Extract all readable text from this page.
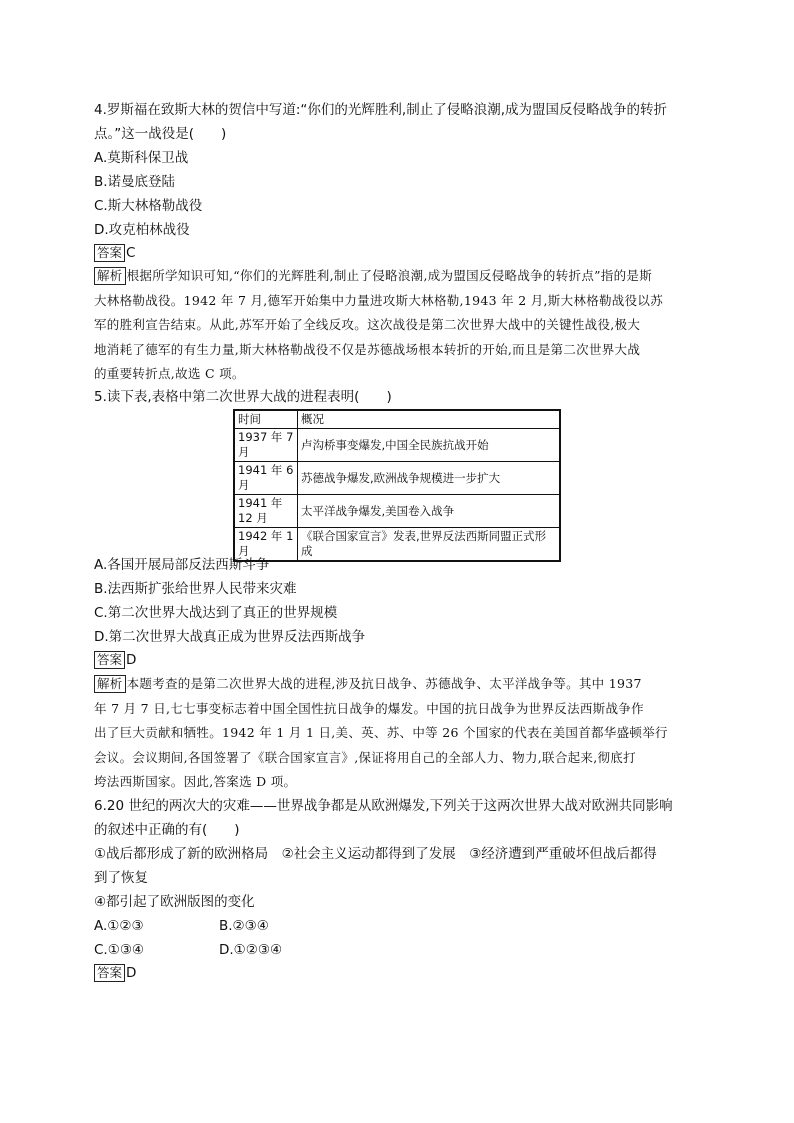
4.罗斯福在致斯大林的贺信中写道:“你们的光辉胜利,制止了侵略浪潮,成为盟国反侵略战争的转折
点。”这一战役是(　　)
A.莫斯科保卫战
B.诺曼底登陆
C.斯大林格勒战役
D.攻克柏林战役
答案 C
解析 根据所学知识可知,“你们的光辉胜利,制止了侵略浪潮,成为盟国反侵略战争的转折点”指的是斯
大林格勒战役。1942 年 7 月,德军开始集中力量进攻斯大林格勒,1943 年 2 月,斯大林格勒战役以苏
军的胜利宣告结束。从此,苏军开始了全线反攻。这次战役是第二次世界大战中的关键性战役,极大
地消耗了德军的有生力量,斯大林格勒战役不仅是苏德战场根本转折的开始,而且是第二次世界大战
的重要转折点,故选 C 项。
5.读下表,表格中第二次世界大战的进程表明(　　)
时间	概况
1937 年 7 月	卢沟桥事变爆发,中国全民族抗战开始
1941 年 6 月	苏德战争爆发,欧洲战争规模进一步扩大
1941 年 12 月	太平洋战争爆发,美国卷入战争
1942 年 1 月	《联合国家宣言》发表,世界反法西斯同盟正式形成
A.各国开展局部反法西斯斗争
B.法西斯扩张给世界人民带来灾难
C.第二次世界大战达到了真正的世界规模
D.第二次世界大战真正成为世界反法西斯战争
答案 D
解析 本题考查的是第二次世界大战的进程,涉及抗日战争、苏德战争、太平洋战争等。其中 1937
年 7 月 7 日,七七事变标志着中国全国性抗日战争的爆发。中国的抗日战争为世界反法西斯战争作
出了巨大贡献和牺牲。1942 年 1 月 1 日,美、英、苏、中等 26 个国家的代表在美国首都华盛顿举行
会议。会议期间,各国签署了《联合国家宣言》,保证将用自己的全部人力、物力,联合起来,彻底打
垮法西斯国家。因此,答案选 D 项。
6.20 世纪的两次大的灾难——世界战争都是从欧洲爆发,下列关于这两次世界大战对欧洲共同影响
的叙述中正确的有(　　)
①战后都形成了新的欧洲格局　②社会主义运动都得到了发展　③经济遭到严重破坏但战后都得
到了恢复
④都引起了欧洲版图的变化
A.①②③	B.②③④
C.①③④	D.①②③④
答案 D
